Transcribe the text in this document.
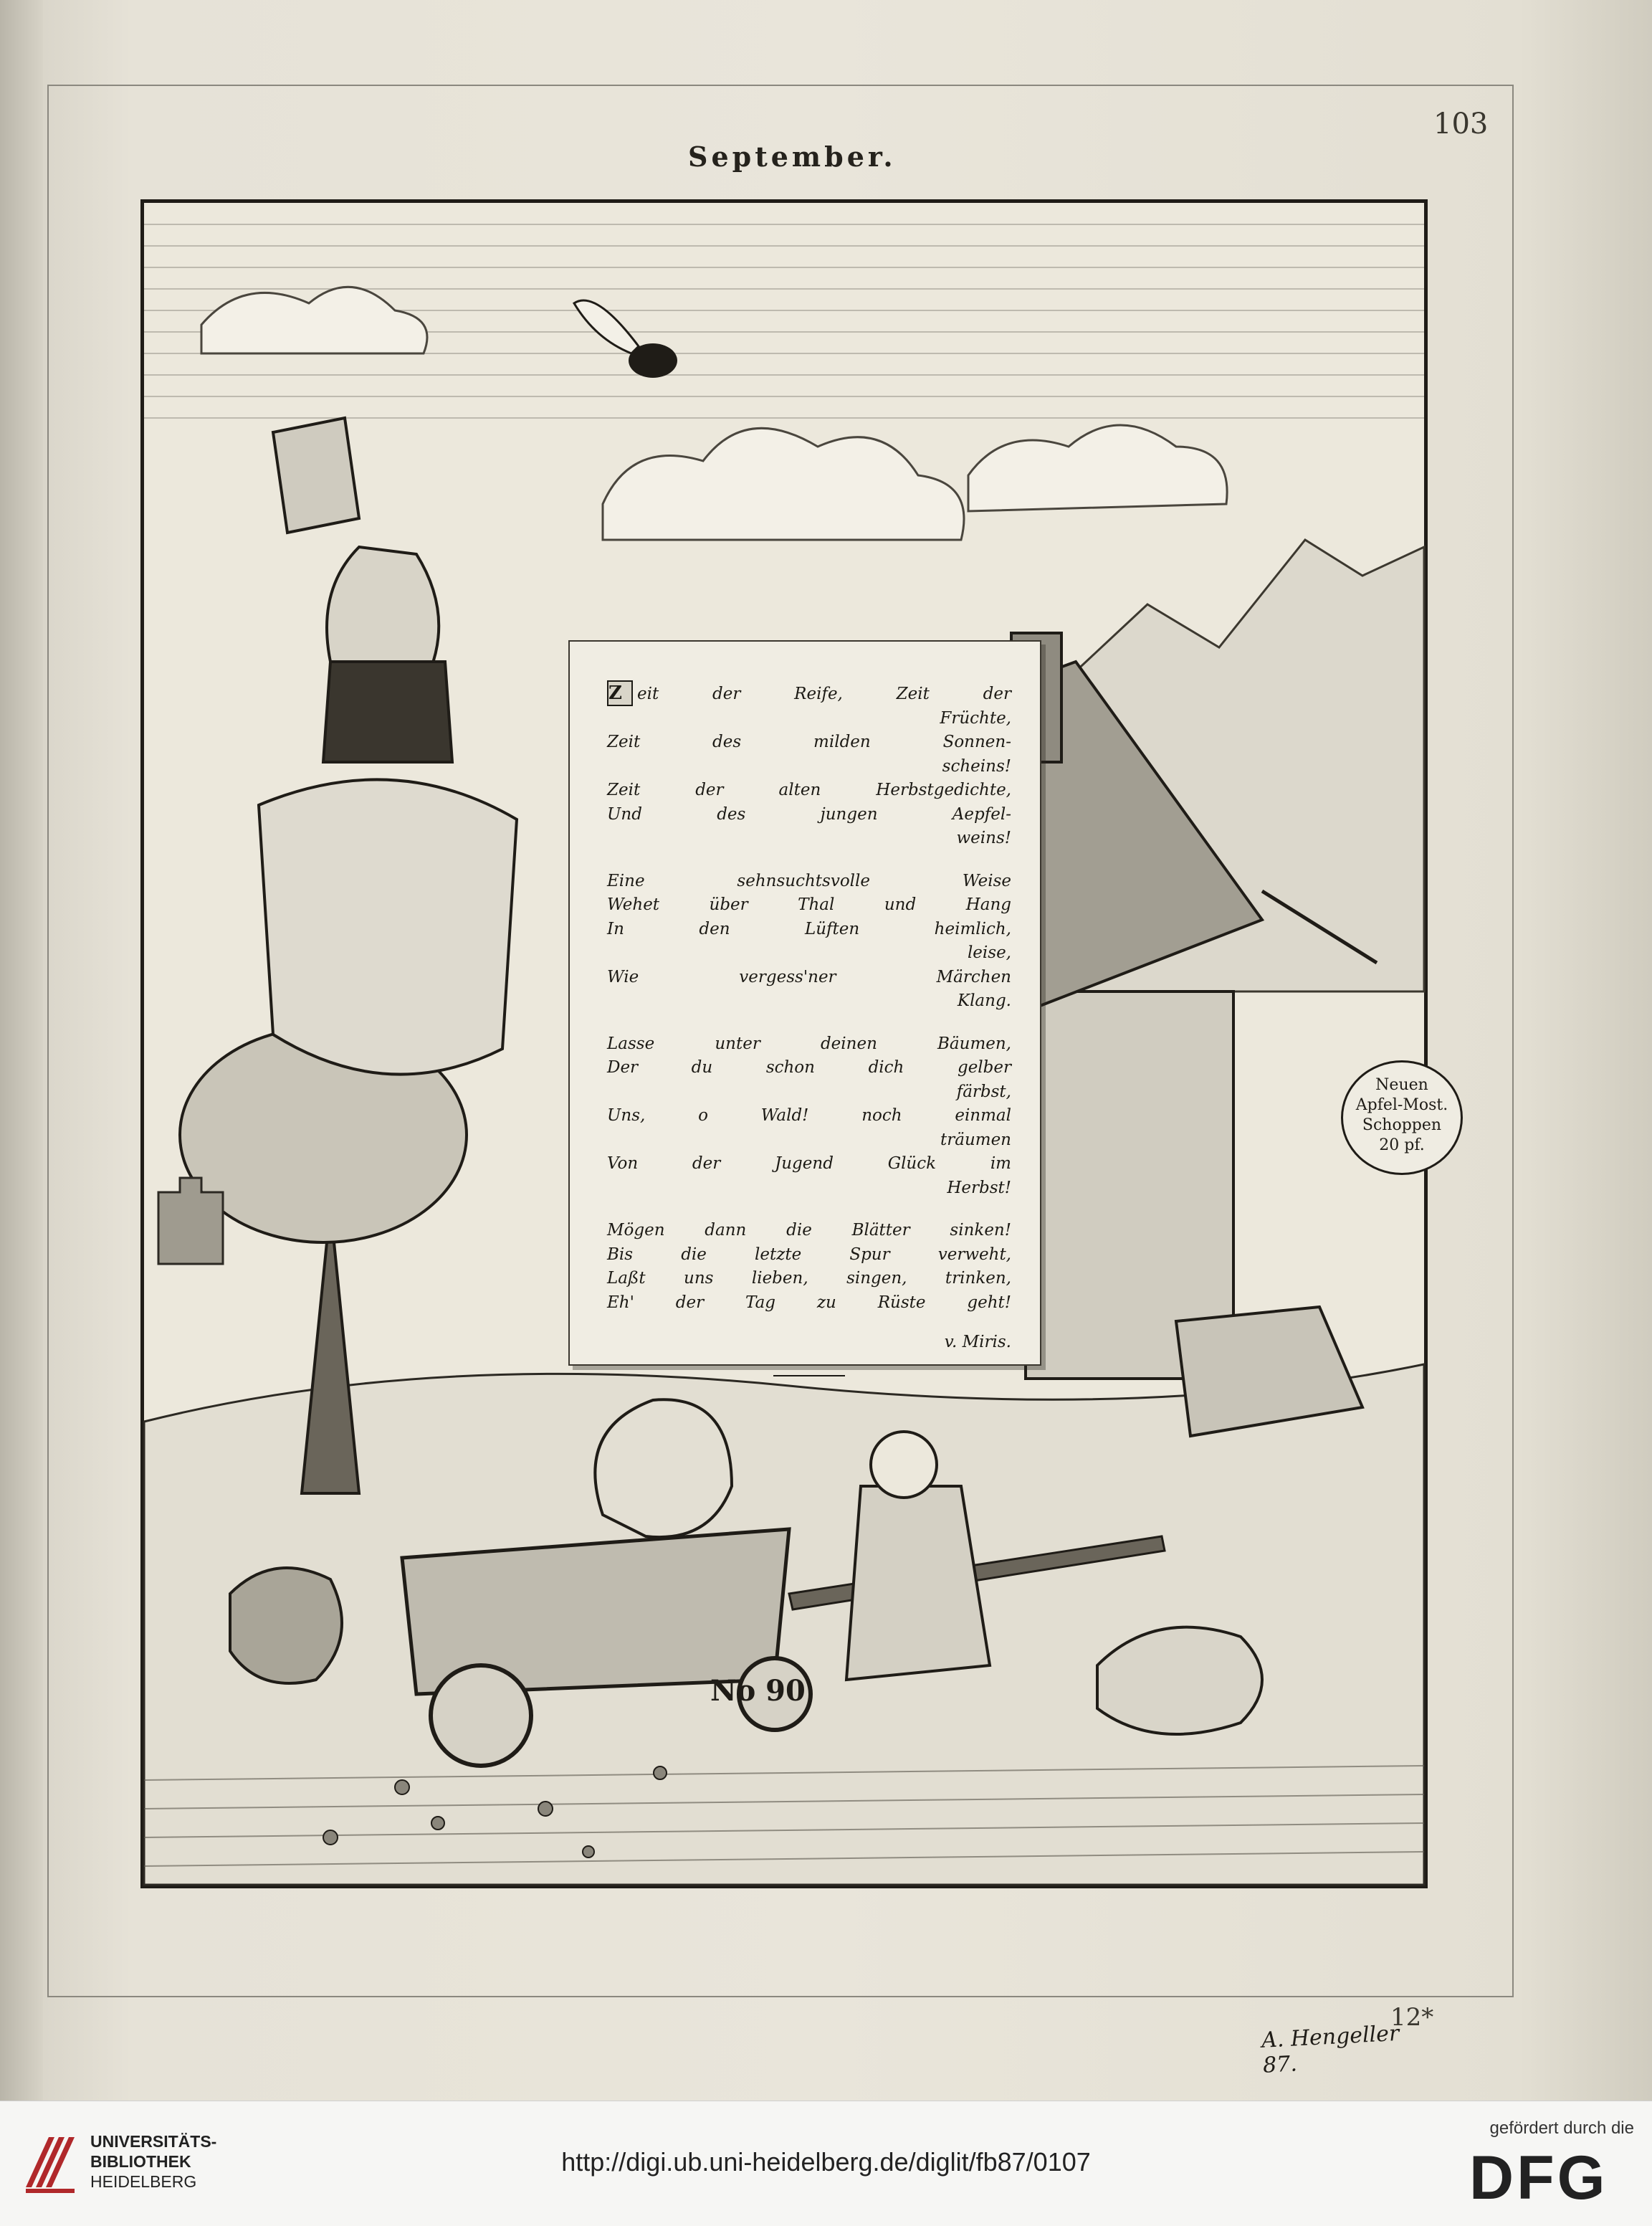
103
September.
Neuen
Apfel-Most.
Schoppen
20 pf.
No 90
Z eit der Reife, Zeit der
Früchte,
Zeit des milden Sonnen-
scheins!
Zeit der alten Herbstgedichte,
Und des jungen Aepfel-
weins!
Eine sehnsuchtsvolle Weise
Wehet über Thal und Hang
In den Lüften heimlich,
leise,
Wie vergess'ner Märchen
Klang.
Lasse unter deinen Bäumen,
Der du schon dich gelber
färbst,
Uns, o Wald! noch einmal
träumen
Von der Jugend Glück im
Herbst!
Mögen dann die Blätter sinken!
Bis die letzte Spur verweht,
Laßt uns lieben, singen, trinken,
Eh' der Tag zu Rüste geht!
v. Miris.
A. Hengeller 87.
12*
UNIVERSITÄTS-
BIBLIOTHEK
HEIDELBERG
http://digi.ub.uni-heidelberg.de/diglit/fb87/0107
gefördert durch die
DFG
